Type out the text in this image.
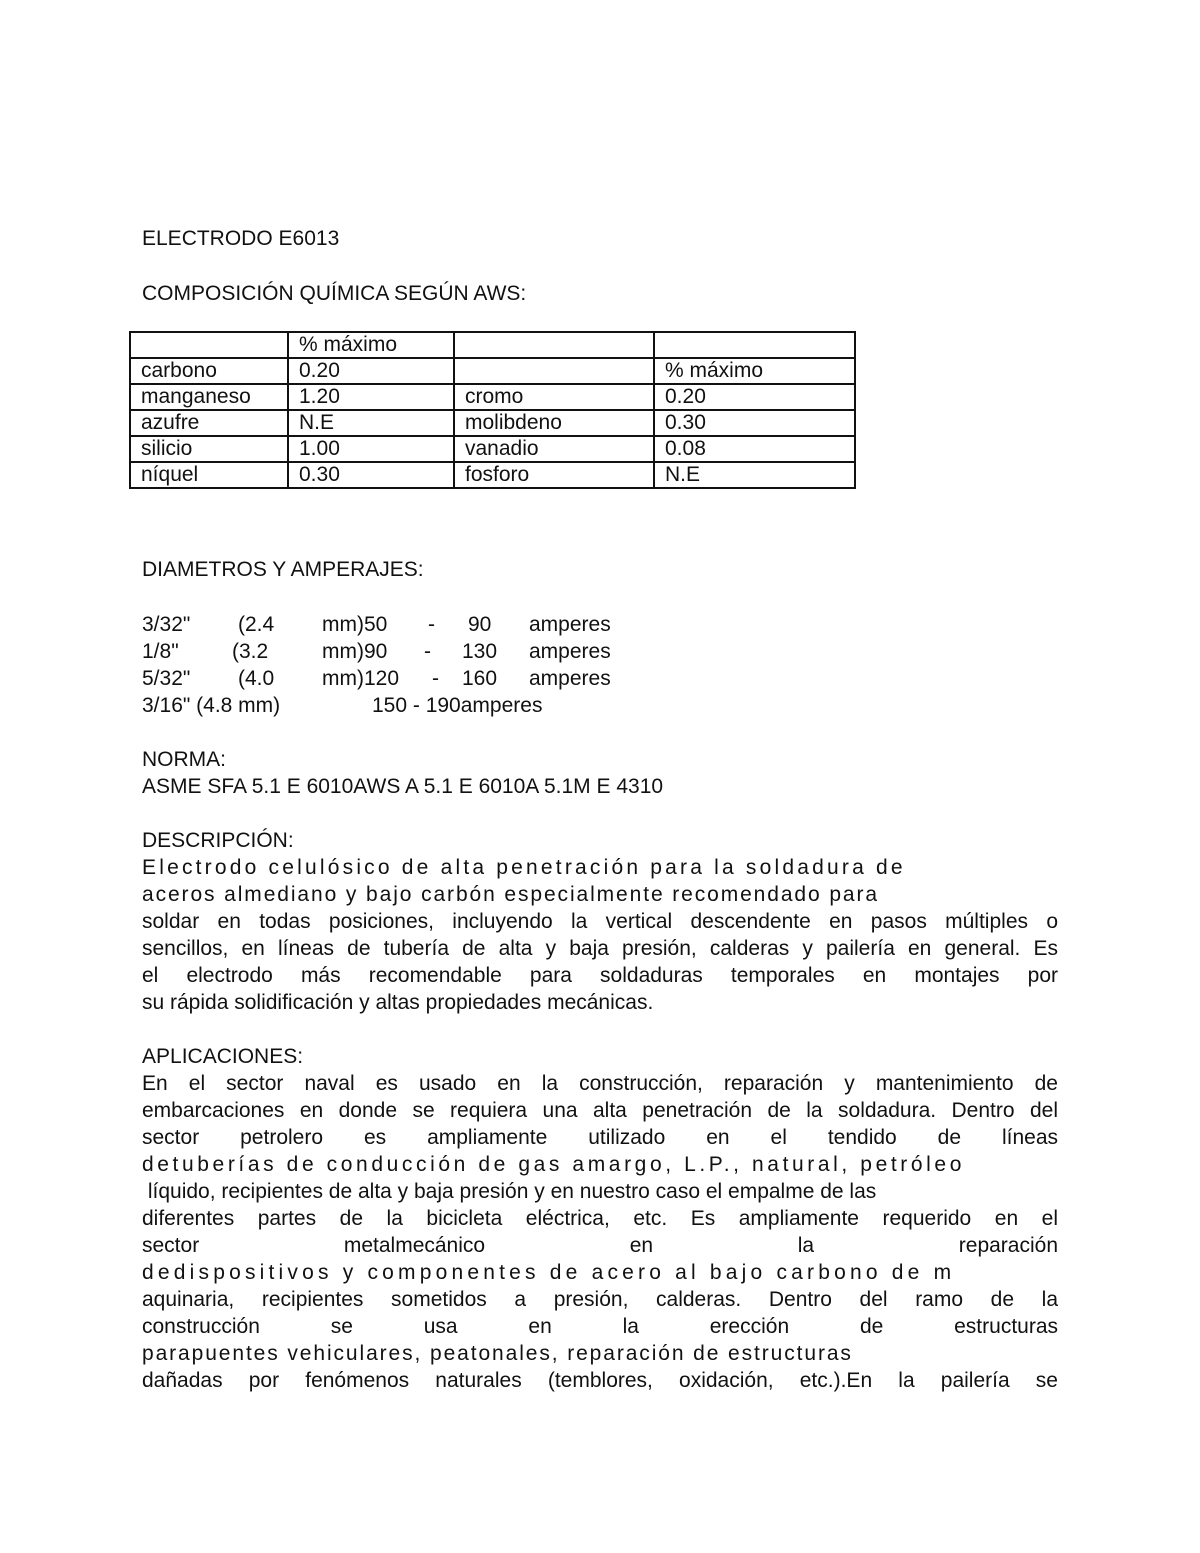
ELECTRODO E6013
COMPOSICIÓN QUÍMICA SEGÚN AWS:
	% máximo		
carbono	0.20		% máximo
manganeso	1.20	cromo	0.20
azufre	N.E	molibdeno	0.30
silicio	1.00	vanadio	0.08
níquel	0.30	fosforo	N.E
DIAMETROS Y AMPERAJES:
3/32" (2.4 mm)50 - 90 amperes
1/8"	(3.2	mm)90 - 130 amperes
5/32" (4.0 mm)120 - 160 amperes
3/16" (4.8 mm)	150 - 190amperes
NORMA:
ASME SFA 5.1 E 6010AWS A 5.1 E 6010A 5.1M E 4310
DESCRIPCIÓN:
Electrodo celulósico de alta penetración para la soldadura de
aceros almediano y bajo carbón especialmente recomendado para
soldar en todas posiciones, incluyendo la vertical descendente en pasos múltiples o
sencillos, en líneas de tubería de alta y baja presión, calderas y pailería en general. Es
el electrodo más recomendable para soldaduras temporales en montajes por
su rápida solidificación y altas propiedades mecánicas.
APLICACIONES:
En el sector naval es usado en la construcción, reparación y mantenimiento de
embarcaciones en donde se requiera una alta penetración de la soldadura. Dentro del
sector petrolero es ampliamente utilizado en el tendido de líneas
detuberías de conducción de gas amargo, L.P., natural, petróleo
líquido, recipientes de alta y baja presión y en nuestro caso el empalme de las
diferentes partes de la bicicleta eléctrica, etc. Es ampliamente requerido en el
sector metalmecánico en la reparación
dedispositivos y componentes de acero al bajo carbono de m
aquinaria, recipientes sometidos a presión, calderas. Dentro del ramo de la
construcción se usa en la erección de estructuras
parapuentes vehiculares, peatonales, reparación de estructuras
dañadas por fenómenos naturales (temblores, oxidación, etc.).En la pailería se
